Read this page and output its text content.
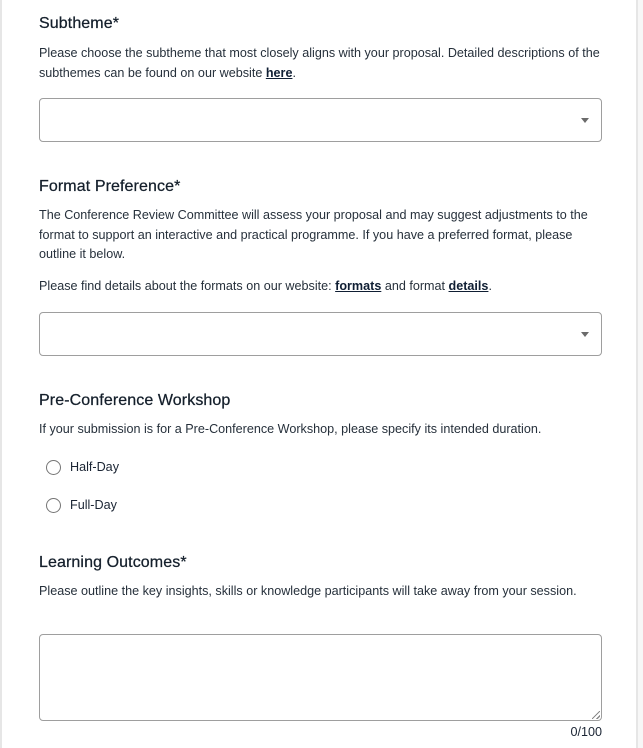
Subtheme*

Please choose the subtheme that most closely aligns with your proposal. Detailed descriptions of the subthemes can be found on our website here.

Format Preference*

The Conference Review Committee will assess your proposal and may suggest adjustments to the format to support an interactive and practical programme. If you have a preferred format, please outline it below.

Please find details about the formats on our website: formats and format details.

Pre-Conference Workshop

If your submission is for a Pre-Conference Workshop, please specify its intended duration.

Half-Day
Full-Day
Learning Outcomes*

Please outline the key insights, skills or knowledge participants will take away from your session.

0/100
